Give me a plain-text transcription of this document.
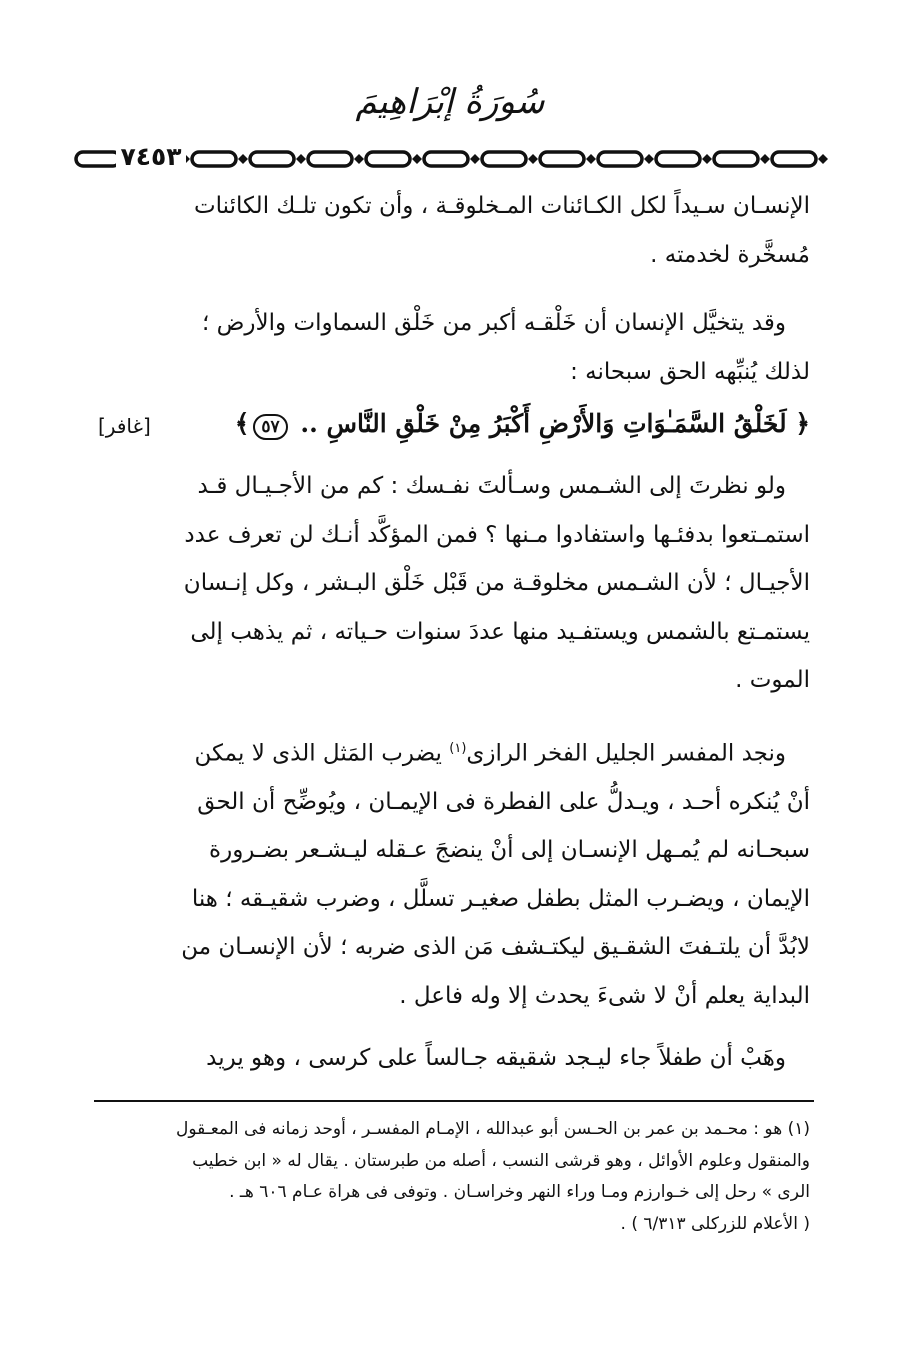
سُورَةُ إبْرَاهِيمَ
٧٤٥٣

الإنسـان سـيداً لكل الكـائنات المـخلوقـة ، وأن تكون تلـك الكائنات

مُسخَّرة لخدمته .

وقد يتخيَّل الإنسان أن خَلْقـه أكبر من خَلْق السماوات والأرض ؛

لذلك يُنبِّهه الحق سبحانه :

﴿ لَخَلْقُ السَّمَـٰوَاتِ وَالأَرْضِ أَكْبَرُ مِنْ خَلْقِ النَّاسِ .. ٥٧﴾
[غافر]

ولو نظرتَ إلى الشـمس وسـألتَ نفـسك : كم من الأجـيـال قـد

استمـتعوا بدفئـها واستفادوا مـنها ؟ فمن المؤكَّد أنـك لن تعرف عدد

الأجيـال ؛ لأن الشـمس مخلوقـة من قَبْل خَلْق البـشر ، وكل إنـسان

يستمـتع بالشمس ويستفـيد منها عددَ سنوات حـياته ، ثم يذهب إلى

الموت .

ونجد المفسر الجليل الفخر الرازى$^{(١)}$ يضرب المَثل الذى لا يمكن

أنْ يُنكره أحـد ، ويـدلُّ على الفطرة فى الإيمـان ، ويُوضِّح أن الحق

سبحـانه لم يُمـهل الإنسـان إلى أنْ ينضجَ عـقله ليـشـعر بضـرورة

الإيمان ، ويضـرب المثل بطفل صغيـر تسلَّل ، وضرب شقيـقه ؛ هنا

لابُدَّ أن يلتـفتَ الشقـيق ليكتـشف مَن الذى ضربه ؛ لأن الإنسـان من

البداية يعلم أنْ لا شىءَ يحدث إلا وله فاعل .

وهَبْ أن طفلاً جاء ليـجد شقيقه جـالساً على كرسى ، وهو يريد

(١) هو : محـمد بن عمر بن الحـسن أبو عبدالله ، الإمـام المفسـر ، أوحد زمانه فى المعـقول

والمنقول وعلوم الأوائل ، وهو قرشى النسب ، أصله من طبرستان . يقال له « ابن خطيب

الرى » رحل إلى خـوارزم ومـا وراء النهر وخراسـان . وتوفى فى هراة عـام ٦٠٦ هـ .

( الأعلام للزركلى ٦/٣١٣ ) .
